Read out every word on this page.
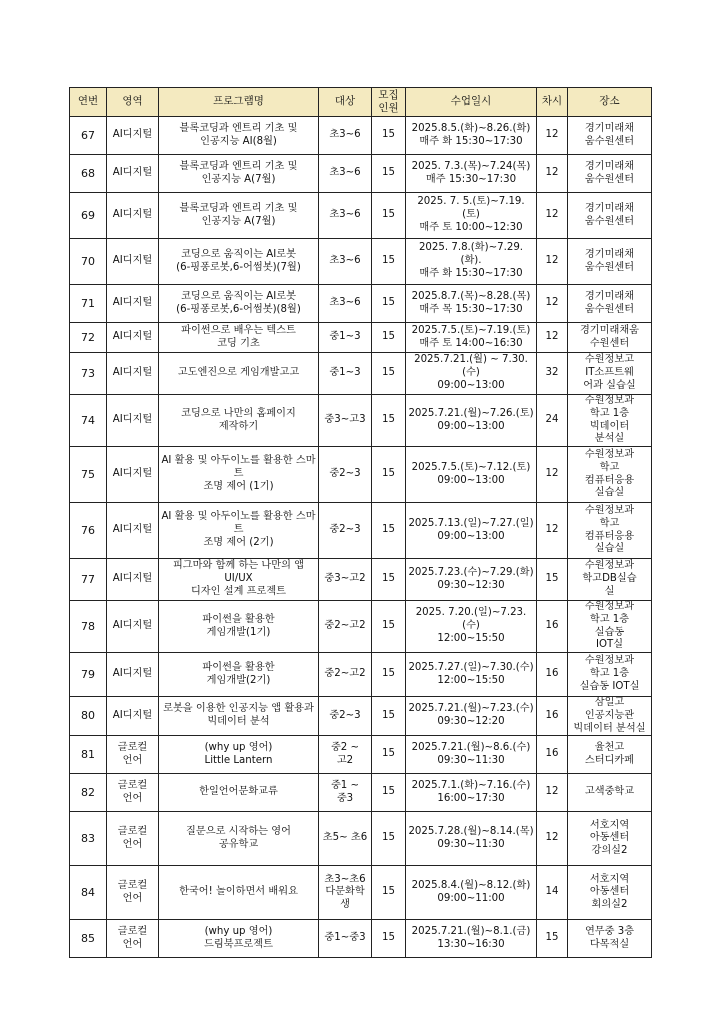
연번	영역	프로그램명	대상	모집
인원	수업일시	차시	장소
67	AI디지털	블록코딩과 엔트리 기초 및
인공지능 AI(8월)	초3~6	15	2025.8.5.(화)~8.26.(화)
매주 화 15:30~17:30	12	경기미래채
움수원센터
68	AI디지털	블록코딩과 엔트리 기초 및
인공지능 A(7월)	초3~6	15	2025. 7.3.(목)~7.24(목)
매주 15:30~17:30	12	경기미래채
움수원센터
69	AI디지털	블록코딩과 엔트리 기초 및
인공지능 A(7월)	초3~6	15	2025. 7. 5.(토)~7.19.
(토)
매주 토 10:00~12:30	12	경기미래채
움수원센터
70	AI디지털	코딩으로 움직이는 AI로봇
(6-핑퐁로봇,6-어썸봇)(7월)	초3~6	15	2025. 7.8.(화)~7.29.
(화).
매주 화 15:30~17:30	12	경기미래채
움수원센터
71	AI디지털	코딩으로 움직이는 AI로봇
(6-핑퐁로봇,6-어썸봇)(8월)	초3~6	15	2025.8.7.(목)~8.28.(목)
매주 목 15:30~17:30	12	경기미래채
움수원센터
72	AI디지털	파이썬으로 배우는 텍스트
코딩 기초	중1~3	15	2025.7.5.(토)~7.19.(토)
매주 토 14:00~16:30	12	경기미래채움
수원센터
73	AI디지털	고도엔진으로 게임개발고고	중1~3	15	2025.7.21.(월) ~ 7.30.(수)
09:00~13:00	32	수원정보고
IT소프트웨
어과 실습실
74	AI디지털	코딩으로 나만의 홈페이지
제작하기	중3~고3	15	2025.7.21.(월)~7.26.(토)
09:00~13:00	24	수원정보과
학고 1층
빅데이터
분석실
75	AI디지털	AI 활용 및 아두이노를 활용한 스마트
조명 제어 (1기)	중2~3	15	2025.7.5.(토)~7.12.(토)
09:00~13:00	12	수원정보과
학고
컴퓨터응용
실습실
76	AI디지털	AI 활용 및 아두이노를 활용한 스마트
조명 제어 (2기)	중2~3	15	2025.7.13.(일)~7.27.(일)
09:00~13:00	12	수원정보과
학고
컴퓨터응용
실습실
77	AI디지털	피그마와 함께 하는 나만의 앱 UI/UX
디자인 설계 프로젝트	중3~고2	15	2025.7.23.(수)~7.29.(화)
09:30~12:30	15	수원정보과
학고DB실습
실
78	AI디지털	파이썬을 활용한
게임개발(1기)	중2~고2	15	2025. 7.20.(일)~7.23.(수)
12:00~15:50	16	수원정보과
학고 1층
실습동
IOT실
79	AI디지털	파이썬을 활용한
게임개발(2기)	중2~고2	15	2025.7.27.(일)~7.30.(수)
12:00~15:50	16	수원정보과
학고 1층
실습동 IOT실
80	AI디지털	로봇을 이용한 인공지능 앱 활용과
빅데이터 분석	중2~3	15	2025.7.21.(월)~7.23.(수)
09:30~12:20	16	삼일고
인공지능관
빅데이터 분석실
81	글로컬
언어	(why up 영어)
Little Lantern	중2 ~
고2	15	2025.7.21.(월)~8.6.(수)
09:30~11:30	16	율천고
스터디카페
82	글로컬
언어	한일언어문화교류	중1 ~
중3	15	2025.7.1.(화)~7.16.(수)
16:00~17:30	12	고색중학교
83	글로컬
언어	질문으로 시작하는 영어
공유학교	초5~ 초6	15	2025.7.28.(월)~8.14.(목)
09:30~11:30	12	서호지역
아동센터
강의실2
84	글로컬
언어	한국어! 놀이하면서 배워요	초3~초6
다문화학생	15	2025.8.4.(월)~8.12.(화)
09:00~11:00	14	서호지역
아동센터
회의실2
85	글로컬
언어	(why up 영어)
드림북프로젝트	중1~중3	15	2025.7.21.(월)~8.1.(금)
13:30~16:30	15	연무중 3층
다목적실
